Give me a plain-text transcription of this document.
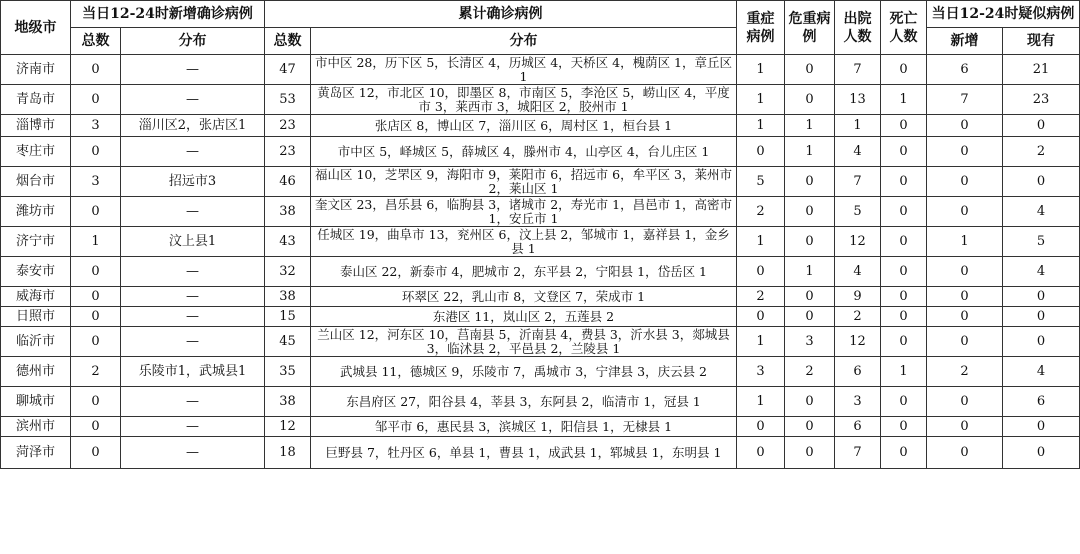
地级市	当日12-24时新增确诊病例		累计确诊病例		重症病例	危重病例	出院人数	死亡人数	当日12-24时疑似病例	
	总数	分布	总数	分布					新增	现有
济南市	0	—	47	市中区 28，历下区 5，长清区 4，历城区 4，天桥区 4，槐荫区 1，章丘区 1	1	0	7	0	6	21
青岛市	0	—	53	黄岛区 12，市北区 10，即墨区 8，市南区 5，李沧区 5，崂山区 4，平度市 3，莱西市 3，城阳区 2，胶州市 1	1	0	13	1	7	23
淄博市	3	淄川区2，张店区1	23	张店区 8，博山区 7，淄川区 6，周村区 1，桓台县 1	1	1	1	0	0	0
枣庄市	0	—	23	市中区 5，峄城区 5，薛城区 4，滕州市 4，山亭区 4，台儿庄区 1	0	1	4	0	0	2
烟台市	3	招远市3	46	福山区 10，芝罘区 9，海阳市 9，莱阳市 6，招远市 6，牟平区 3，莱州市 2，莱山区 1	5	0	7	0	0	0
潍坊市	0	—	38	奎文区 23，昌乐县 6，临朐县 3，诸城市 2，寿光市 1，昌邑市 1，高密市 1，安丘市 1	2	0	5	0	0	4
济宁市	1	汶上县1	43	任城区 19，曲阜市 13，兖州区 6，汶上县 2，邹城市 1，嘉祥县 1，金乡县 1	1	0	12	0	1	5
泰安市	0	—	32	泰山区 22，新泰市 4，肥城市 2，东平县 2，宁阳县 1，岱岳区 1	0	1	4	0	0	4
威海市	0	—	38	环翠区 22，乳山市 8，文登区 7，荣成市 1	2	0	9	0	0	0
日照市	0	—	15	东港区 11，岚山区 2，五莲县 2	0	0	2	0	0	0
临沂市	0	—	45	兰山区 12，河东区 10，莒南县 5，沂南县 4，费县 3，沂水县 3，郯城县 3，临沭县 2，平邑县 2，兰陵县 1	1	3	12	0	0	0
德州市	2	乐陵市1，武城县1	35	武城县 11，德城区 9，乐陵市 7，禹城市 3，宁津县 3，庆云县 2	3	2	6	1	2	4
聊城市	0	—	38	东昌府区 27，阳谷县 4，莘县 3，东阿县 2，临清市 1，冠县 1	1	0	3	0	0	6
滨州市	0	—	12	邹平市 6，惠民县 3，滨城区 1，阳信县 1，无棣县 1	0	0	6	0	0	0
菏泽市	0	—	18	巨野县 7，牡丹区 6，单县 1，曹县 1，成武县 1，郓城县 1，东明县 1	0	0	7	0	0	0
